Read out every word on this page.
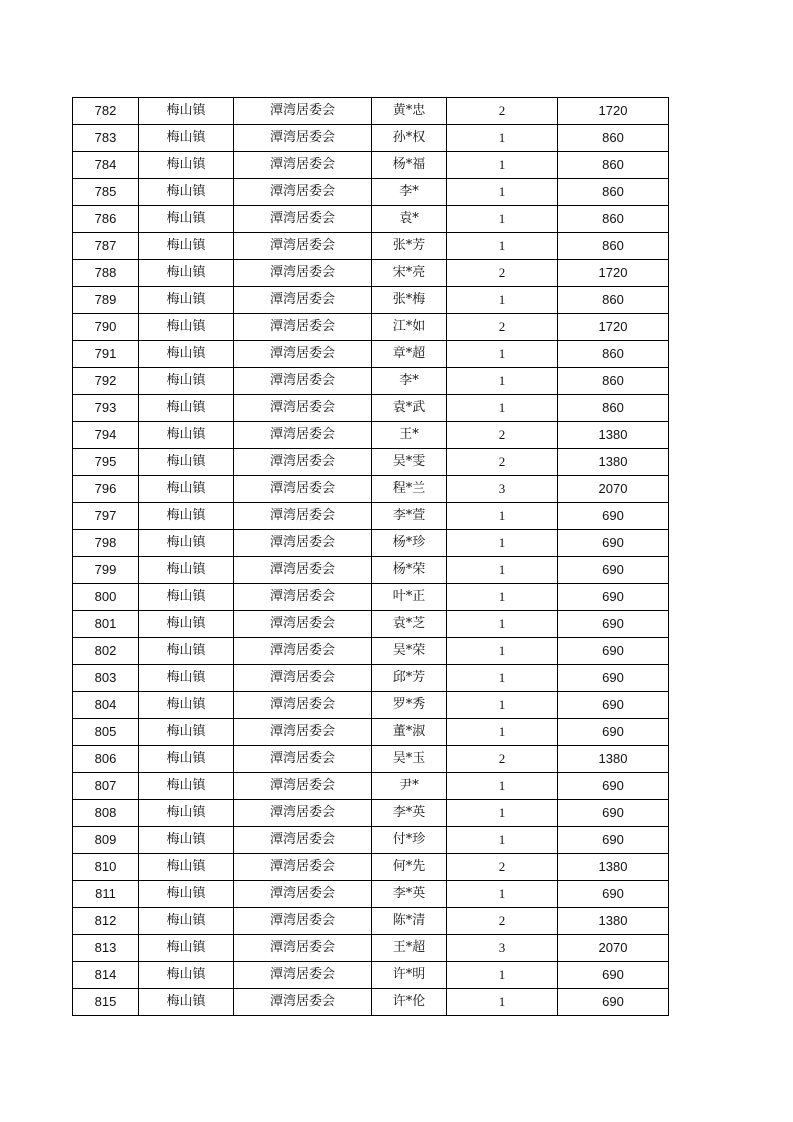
782	梅山镇	潭湾居委会	黄*忠	2	1720
783	梅山镇	潭湾居委会	孙*权	1	860
784	梅山镇	潭湾居委会	杨*福	1	860
785	梅山镇	潭湾居委会	李*	1	860
786	梅山镇	潭湾居委会	袁*	1	860
787	梅山镇	潭湾居委会	张*芳	1	860
788	梅山镇	潭湾居委会	宋*亮	2	1720
789	梅山镇	潭湾居委会	张*梅	1	860
790	梅山镇	潭湾居委会	江*如	2	1720
791	梅山镇	潭湾居委会	章*超	1	860
792	梅山镇	潭湾居委会	李*	1	860
793	梅山镇	潭湾居委会	袁*武	1	860
794	梅山镇	潭湾居委会	王*	2	1380
795	梅山镇	潭湾居委会	吴*雯	2	1380
796	梅山镇	潭湾居委会	程*兰	3	2070
797	梅山镇	潭湾居委会	李*萱	1	690
798	梅山镇	潭湾居委会	杨*珍	1	690
799	梅山镇	潭湾居委会	杨*荣	1	690
800	梅山镇	潭湾居委会	叶*正	1	690
801	梅山镇	潭湾居委会	袁*芝	1	690
802	梅山镇	潭湾居委会	吴*荣	1	690
803	梅山镇	潭湾居委会	邱*芳	1	690
804	梅山镇	潭湾居委会	罗*秀	1	690
805	梅山镇	潭湾居委会	董*淑	1	690
806	梅山镇	潭湾居委会	吴*玉	2	1380
807	梅山镇	潭湾居委会	尹*	1	690
808	梅山镇	潭湾居委会	李*英	1	690
809	梅山镇	潭湾居委会	付*珍	1	690
810	梅山镇	潭湾居委会	何*先	2	1380
811	梅山镇	潭湾居委会	李*英	1	690
812	梅山镇	潭湾居委会	陈*清	2	1380
813	梅山镇	潭湾居委会	王*超	3	2070
814	梅山镇	潭湾居委会	许*明	1	690
815	梅山镇	潭湾居委会	许*伦	1	690
